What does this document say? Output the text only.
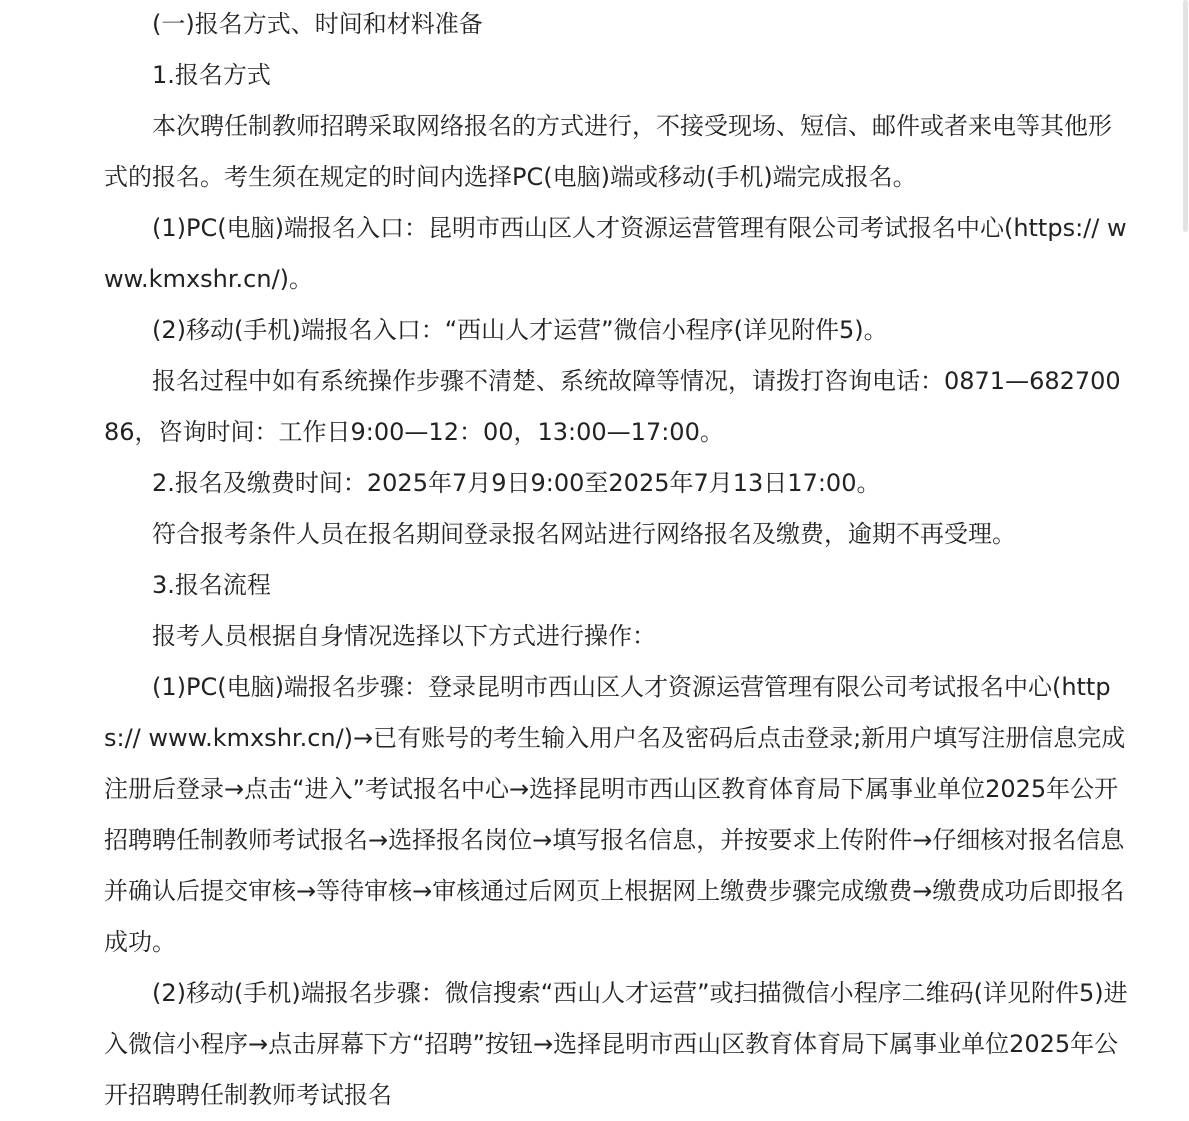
(一)报名方式、时间和材料准备

1.报名方式

本次聘任制教师招聘采取网络报名的方式进行，不接受现场、短信、邮件或者来电等其他形式的报名。考生须在规定的时间内选择PC(电脑)端或移动(手机)端完成报名。

(1)PC(电脑)端报名入口：昆明市西山区人才资源运营管理有限公司考试报名中心(https:// www.kmxshr.cn/)。

(2)移动(手机)端报名入口：“西山人才运营”微信小程序(详见附件5)。

报名过程中如有系统操作步骤不清楚、系统故障等情况，请拨打咨询电话：0871—68270086，咨询时间：工作日9:00—12：00，13:00—17:00。

2.报名及缴费时间：2025年7月9日9:00至2025年7月13日17:00。

符合报考条件人员在报名期间登录报名网站进行网络报名及缴费，逾期不再受理。

3.报名流程

报考人员根据自身情况选择以下方式进行操作：

(1)PC(电脑)端报名步骤：登录昆明市西山区人才资源运营管理有限公司考试报名中心(https:// www.kmxshr.cn/)→已有账号的考生输入用户名及密码后点击登录;新用户填写注册信息完成注册后登录→点击“进入”考试报名中心→选择昆明市西山区教育体育局下属事业单位2025年公开招聘聘任制教师考试报名→选择报名岗位→填写报名信息，并按要求上传附件→仔细核对报名信息并确认后提交审核→等待审核→审核通过后网页上根据网上缴费步骤完成缴费→缴费成功后即报名成功。

(2)移动(手机)端报名步骤：微信搜索“西山人才运营”或扫描微信小程序二维码(详见附件5)进入微信小程序→点击屏幕下方“招聘”按钮→选择昆明市西山区教育体育局下属事业单位2025年公开招聘聘任制教师考试报名
